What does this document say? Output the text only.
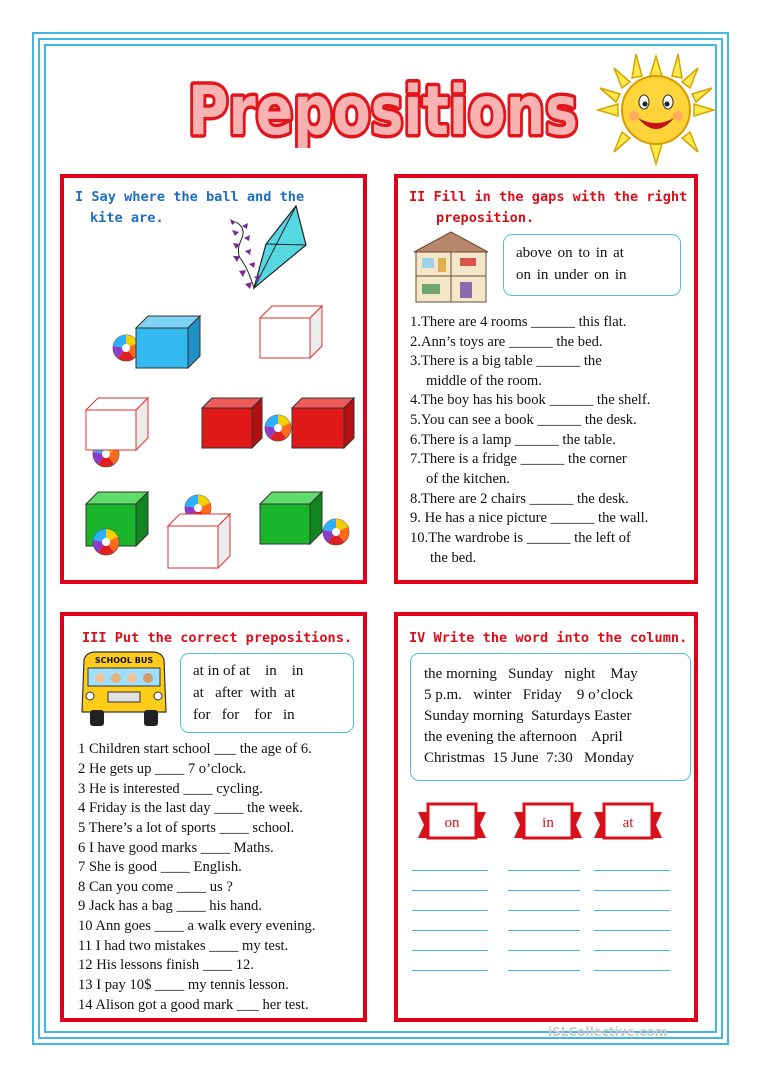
Prepositions
Prepositions

I Say where the ball and the

kite are.

II Fill in the gaps with the right

preposition.

above on to in at
on in under on in

1.There are 4 rooms ______ this flat.

2.Ann’s toys are ______ the bed.

3.There is a big table ______ the

middle of the room.

4.The boy has his book ______ the shelf.

5.You can see a book ______ the desk.

6.There is a lamp ______ the table.

7.There is a fridge ______ the corner

of the kitchen.

8.There are 2 chairs ______ the desk.

9. He has a nice picture ______ the wall.

10.The wardrobe is ______ the left of

the bed.

III Put the correct prepositions.

SCHOOL BUS
at in of at    in    in
at   after  with  at
for   for    for   in

1 Children start school ___ the age of 6.

2 He gets up ____ 7 o’clock.

3 He is interested ____ cycling.

4 Friday is the last day ____ the week.

5 There’s a lot of sports ____ school.

6 I have good marks ____ Maths.

7 She is good ____ English.

8 Can you come ____ us ?

9 Jack has a bag ____ his hand.

10 Ann goes ____ a walk every evening.

11 I had two mistakes ____ my test.

12 His lessons finish ____ 12.

13 I pay 10$ ____ my tennis lesson.

14 Alison got a good mark ___ her test.

IV Write the word into the column.

the morning   Sunday   night    May
5 p.m.   winter   Friday    9 o’clock
Sunday morning  Saturdays Easter
the evening the afternoon    April
Christmas  15 June  7:30   Monday
on	in	at
iSLCollective.com
